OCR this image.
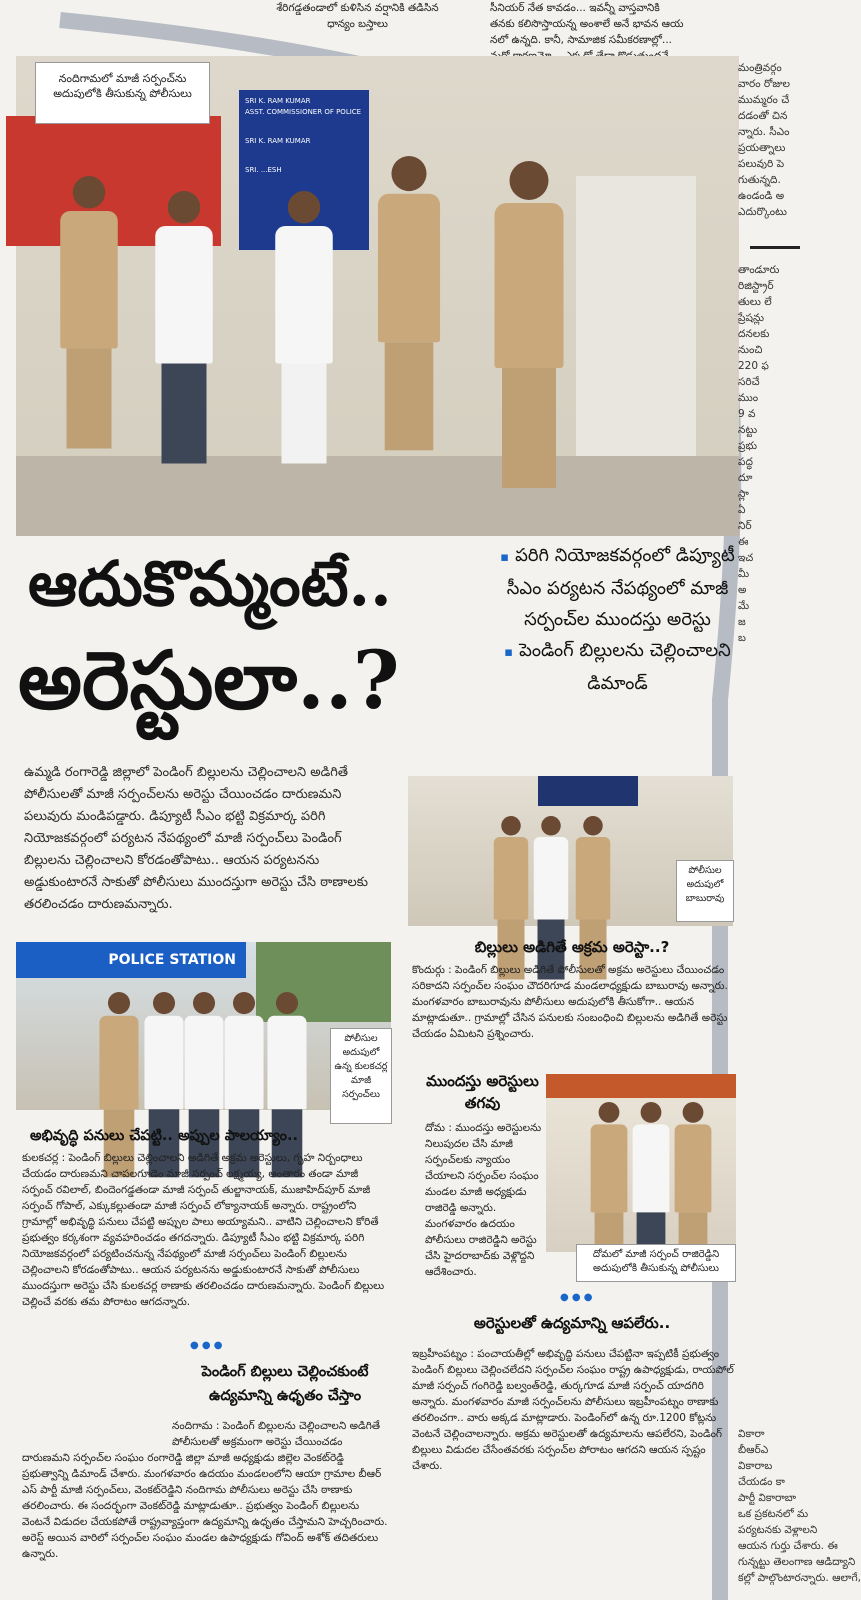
శేరిగడ్డతండాలో కుళిసిన వర్షానికి తడిసిన ధాన్యం బస్తాలు
సీనియర్ నేత కావడం... ఇవన్నీ వాస్తవానికి
తనకు కలిసొస్తాయన్న అంశాలే అనే భావన ఆయ
నలో ఉన్నది. కానీ, సామాజిక సమీకరణాల్లో...
SRI K. RAM KUMAR
ASST. COMMISSIONER OF POLICE
SRI K. RAM KUMAR
SRI. ...ESH
నందిగామలో మాజీ సర్పంచ్‌ను అదుపులోకి తీసుకున్న పోలీసులు
ఆదుకొమ్మంటే..
అరెస్టులా..?
▪ పరిగి నియోజకవర్గంలో డిప్యూటీ సీఎం పర్యటన నేపథ్యంలో మాజీ సర్పంచ్‌ల ముందస్తు అరెస్టు
▪ పెండింగ్ బిల్లులను చెల్లించాలని డిమాండ్
ఉమ్మడి రంగారెడ్డి జిల్లాలో పెండింగ్ బిల్లులను చెల్లించాలని అడిగితే పోలీసులతో మాజీ సర్పంచ్‌లను అరెస్టు చేయించడం దారుణమని పలువురు మండిపడ్డారు. డిప్యూటీ సీఎం భట్టి విక్రమార్క పరిగి నియోజకవర్గంలో పర్యటన నేపథ్యంలో మాజీ సర్పంచ్‌లు పెండింగ్ బిల్లులను చెల్లించాలని కోరడంతోపాటు.. ఆయన పర్యటనను అడ్డుకుంటారనే సాకుతో పోలీసులు ముందస్తుగా అరెస్టు చేసి ఠాణాలకు తరలించడం దారుణమన్నారు.
పోలీసుల అదుపులో బాబురావు
బిల్లులు అడిగితే అక్రమ అరెస్టా..?
కొందుర్గు : పెండింగ్ బిల్లులు అడిగితే పోలీసులతో అక్రమ అరెస్టులు చేయించడం సరికాదని సర్పంచ్‌ల సంఘం చౌదరిగూడ మండలాధ్యక్షుడు బాబురావు అన్నారు. మంగళవారం బాబురావును పోలీసులు అదుపులోకి తీసుకోగా.. ఆయన మాట్లాడుతూ.. గ్రామాల్లో చేసిన పనులకు సంబంధించి బిల్లులను అడిగితే అరెస్టు చేయడం ఏమిటని ప్రశ్నించారు.
POLICE STATION
పోలీసుల అదుపులో ఉన్న కులకచర్ల మాజీ సర్పంచ్‌లు
అభివృద్ధి పనులు చేపట్టి.. అప్పుల పాలయ్యాం..
కులకచర్ల : పెండింగ్ బిల్లులు చెల్లించాలని అడిగితే అక్రమ అరెస్టులు, గృహ నిర్బంధాలు చేయడం దారుణమని చాపలగూడెం మాజీ సర్పంచ్ లక్ష్మయ్య, అంతారం తండా మాజీ సర్పంచ్ రవిలాల్, బిందెంగడ్డతండా మాజీ సర్పంచ్ తుల్జానాయక్, ముజాహిద్‌పూర్ మాజీ సర్పంచ్ గోపాల్, ఎక్కుకల్లుతండా మాజీ సర్పంచ్ లోక్యానాయక్ అన్నారు. రాష్ట్రంలోని గ్రామాల్లో అభివృద్ధి పనులు చేపట్టి అప్పుల పాలు అయ్యామని.. వాటిని చెల్లించాలని కోరితే ప్రభుత్వం కర్కశంగా వ్యవహరించడం తగదన్నారు. డిప్యూటీ సీఎం భట్టి విక్రమార్క పరిగి నియోజకవర్గంలో పర్యటించనున్న నేపథ్యంలో మాజీ సర్పంచ్‌లు పెండింగ్ బిల్లులను చెల్లించాలని కోరడంతోపాటు.. ఆయన పర్యటనను అడ్డుకుంటారనే సాకుతో పోలీసులు ముందస్తుగా అరెస్టు చేసి కులకచర్ల ఠాణాకు తరలించడం దారుణమన్నారు. పెండింగ్ బిల్లులు చెల్లించే వరకు తమ పోరాటం ఆగదన్నారు.
ముందస్తు అరెస్టులు తగవు
దోమ : ముందస్తు అరెస్టులను నిలుపుదల చేసి మాజీ సర్పంచ్‌లకు న్యాయం చేయాలని సర్పంచ్‌ల సంఘం మండల మాజీ అధ్యక్షుడు రాజిరెడ్డి అన్నారు. మంగళవారం ఉదయం పోలీసులు రాజిరెడ్డిని అరెస్టు చేసి హైదరాబాద్‌కు వెళ్లొద్దని ఆదేశించారు.
దోమలో మాజీ సర్పంచ్ రాజిరెడ్డిని అదుపులోకి తీసుకున్న పోలీసులు
● ● ●
అరెస్టులతో ఉద్యమాన్ని ఆపలేరు..
ఇబ్రహీంపట్నం : పంచాయతీల్లో అభివృద్ధి పనులు చేపట్టినా ఇప్పటికీ ప్రభుత్వం పెండింగ్ బిల్లులు చెల్లించలేదని సర్పంచ్‌ల సంఘం రాష్ట్ర ఉపాధ్యక్షుడు, రాయపోల్ మాజీ సర్పంచ్ గంగిరెడ్డి బల్వంత్‌రెడ్డి, తుర్కగూడ మాజీ సర్పంచ్ యాదగిరి అన్నారు. మంగళవారం మాజీ సర్పంచ్‌లను పోలీసులు ఇబ్రహీంపట్నం ఠాణాకు తరలించగా.. వారు అక్కడ మాట్లాడారు. పెండింగ్‌లో ఉన్న రూ.1200 కోట్లను వెంటనే చెల్లించాలన్నారు. అక్రమ అరెస్టులతో ఉద్యమాలను ఆపలేరని, పెండింగ్ బిల్లులు విడుదల చేసేంతవరకు సర్పంచ్‌ల పోరాటం ఆగదని ఆయన స్పష్టం చేశారు.
● ● ●
పెండింగ్ బిల్లులు చెల్లించకుంటే ఉద్యమాన్ని ఉధృతం చేస్తాం
నందిగామ : పెండింగ్ బిల్లులను చెల్లించాలని అడిగితే పోలీసులతో అక్రమంగా అరెస్టు చేయించడం దారుణమని సర్పంచ్‌ల సంఘం రంగారెడ్డి జిల్లా మాజీ అధ్యక్షుడు జిల్లెల వెంకట్‌రెడ్డి ప్రభుత్వాన్ని డిమాండ్ చేశారు. మంగళవారం ఉదయం మండలంలోని ఆయా గ్రామాల బీఆర్ ఎస్ పార్టీ మాజీ సర్పంచ్‌లు, వెంకట్‌రెడ్డిని నందిగామ పోలీసులు అరెస్టు చేసి ఠాణాకు తరలించారు. ఈ సందర్భంగా వెంకట్‌రెడ్డి మాట్లాడుతూ.. ప్రభుత్వం పెండింగ్ బిల్లులను వెంటనే విడుదల చేయకపోతే రాష్ట్రవ్యాప్తంగా ఉద్యమాన్ని ఉధృతం చేస్తామని హెచ్చరించారు. అరెస్ట్ అయిన వారిలో సర్పంచ్‌ల సంఘం మండల ఉపాధ్యక్షుడు గోవింద్ అశోక్ తదితరులు ఉన్నారు.
మంత్రివర్గం
వారం రోజుల
ముమ్మరం చే
దడంతో చిన
న్నారు. సీఎం
ప్రయత్నాలు
పలువురి పె
గుతున్నది.
ఉండండి అ
ఎదుర్కొంటు
తాండూరు
రిజిస్ట్రార్
తులు లే
ప్రేషన్లు
దనలకు
నుంచి
220 ఫ
సరిచే
ముం
9 వ
నట్టు
ప్రభు
పద్ధ
దూ
స్లా
ఏ
నిర్
ఈ
ఇచ
మీ
అ
మే
జ
బ
వికారా
బీఆర్ఎ
వికారాబ
చేయడం కా
పార్టీ వికారాబా
ఒక ప్రకటనలో మ
పర్యటనకు వెళ్లాలని
ఆయన గుర్తు చేశారు. ఈ
గున్నట్టు తెలంగాణ ఆడిద్యాని
కల్లో పాల్గొంటారన్నారు. ఆలాగే,
